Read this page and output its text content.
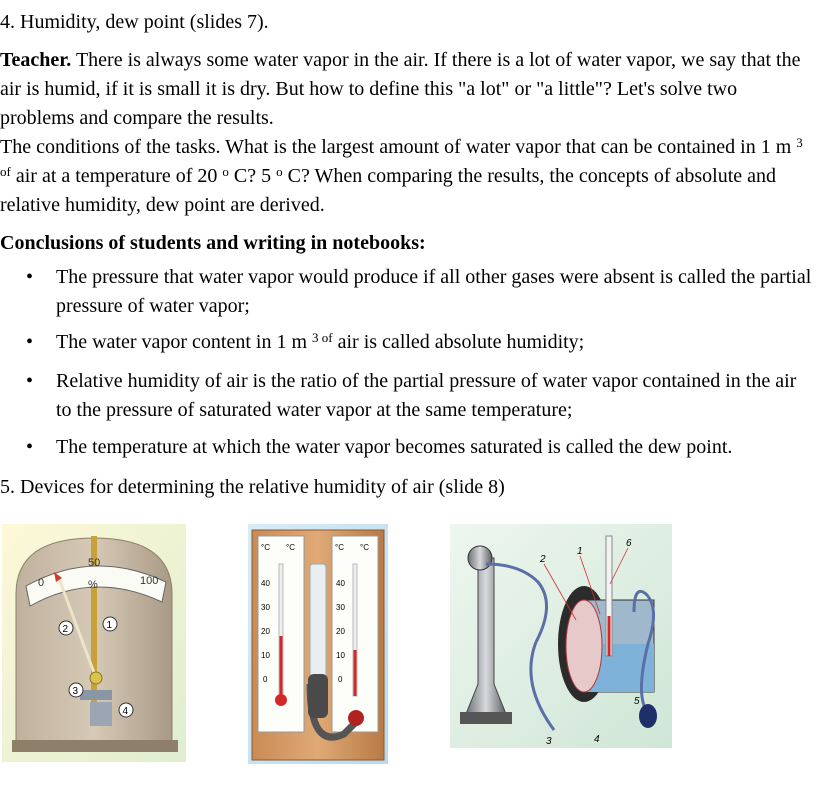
4. Humidity, dew point (slides 7).

Teacher. There is always some water vapor in the air. If there is a lot of water vapor, we say that the air is humid, if it is small it is dry. But how to define this "a lot" or "a little"? Let's solve two problems and compare the results.

The conditions of the tasks. What is the largest amount of water vapor that can be contained in 1 m $^{3 of}$ air at a temperature of 20 $^o$ C? 5 $^o$ C? When comparing the results, the concepts of absolute and relative humidity, dew point are derived.

Conclusions of students and writing in notebooks:

• The pressure that water vapor would produce if all other gases were absent is called the partial pressure of water vapor;
• The water vapor content in 1 m $^{3 of}$ air is called absolute humidity;
• Relative humidity of air is the ratio of the partial pressure of water vapor contained in the air to the pressure of saturated water vapor at the same temperature;
• The temperature at which the water vapor becomes saturated is called the dew point.

5. Devices for determining the relative humidity of air (slide 8)

0
50
%	100
2	1
3
4
°C °C	°C °C
40
30
20
10
0
40
30
20
10
0
1
2
3	4
5
6
